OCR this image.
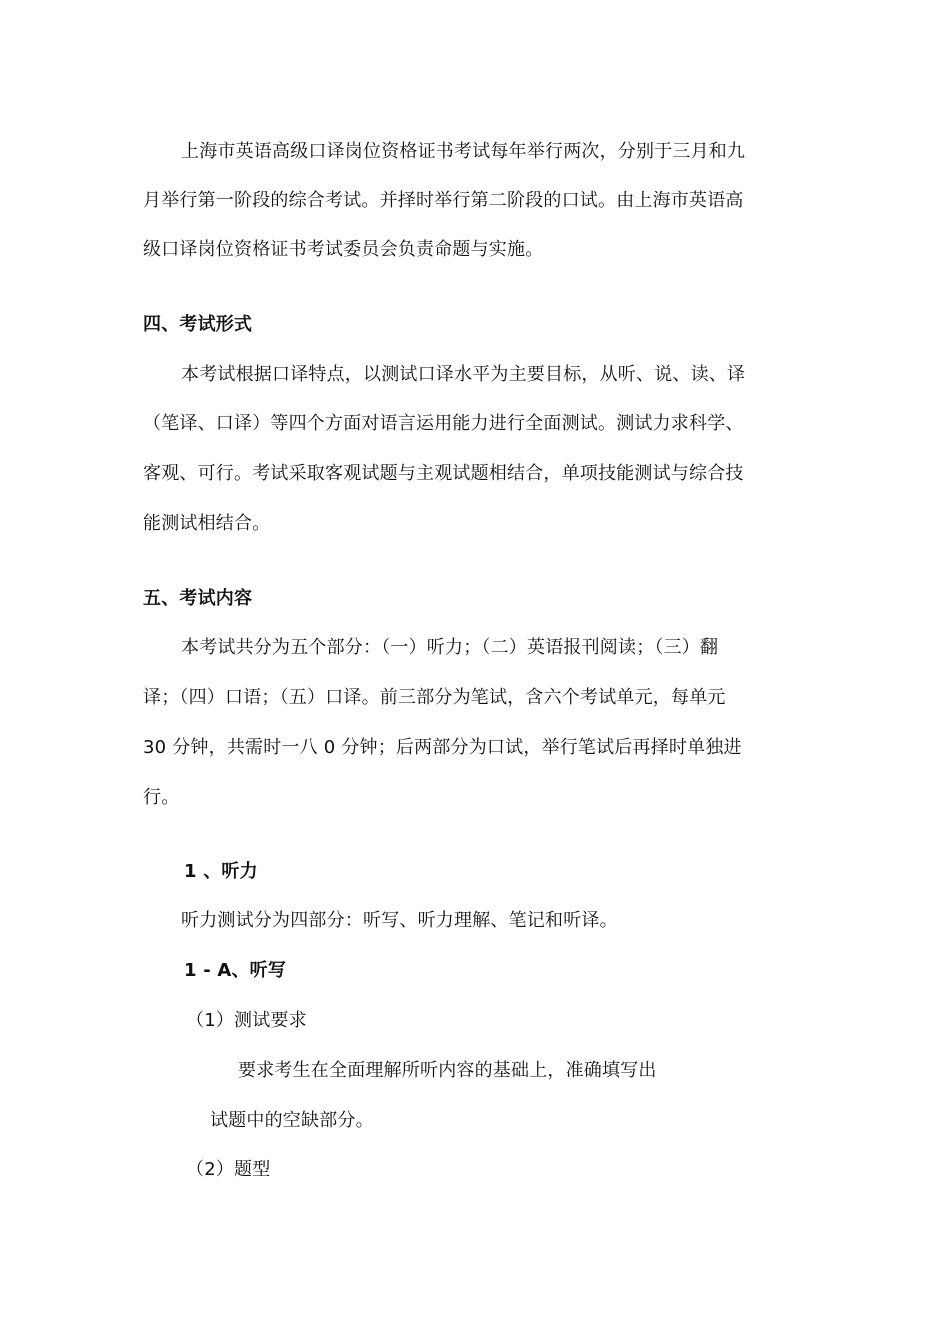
上海市英语高级口译岗位资格证书考试每年举行两次，分别于三月和九
月举行第一阶段的综合考试。并择时举行第二阶段的口试。由上海市英语高
级口译岗位资格证书考试委员会负责命题与实施。
四、考试形式
本考试根据口译特点，以测试口译水平为主要目标，从听、说、读、译
（笔译、口译）等四个方面对语言运用能力进行全面测试。测试力求科学、
客观、可行。考试采取客观试题与主观试题相结合，单项技能测试与综合技
能测试相结合。
五、考试内容
本考试共分为五个部分：（一）听力；（二）英语报刊阅读；（三）翻
译；（四）口语；（五）口译。前三部分为笔试，含六个考试单元，每单元
30 分钟，共需时一八 0 分钟；后两部分为口试，举行笔试后再择时单独进
行。
1 、听力
听力测试分为四部分：听写、听力理解、笔记和听译。
1 - A、听写
（1）测试要求
要求考生在全面理解所听内容的基础上，准确填写出
试题中的空缺部分。
（2）题型
